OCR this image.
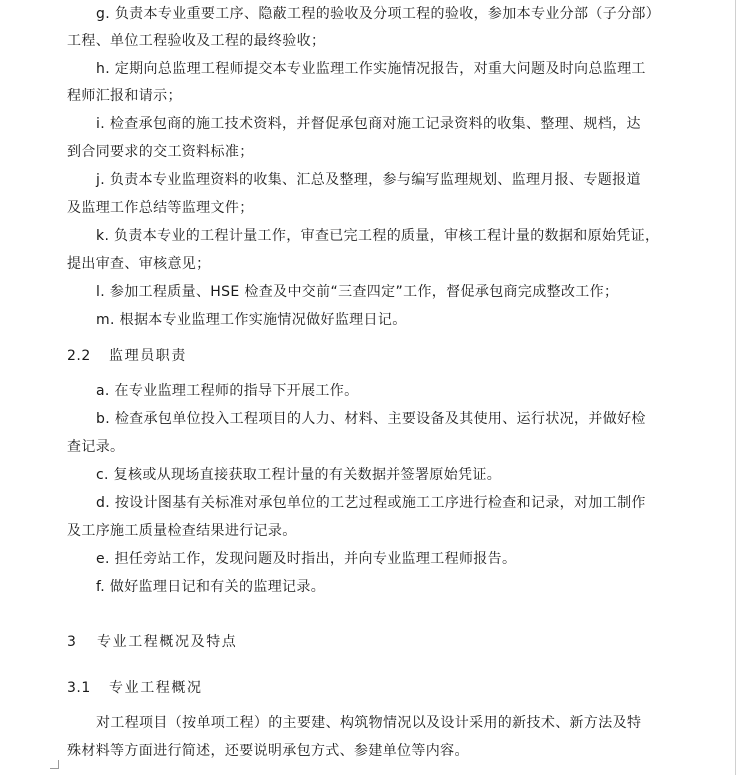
g. 负责本专业重要工序、隐蔽工程的验收及分项工程的验收，参加本专业分部（子分部）
工程、单位工程验收及工程的最终验收；
h. 定期向总监理工程师提交本专业监理工作实施情况报告，对重大问题及时向总监理工
程师汇报和请示；
i. 检查承包商的施工技术资料，并督促承包商对施工记录资料的收集、整理、规档，达
到合同要求的交工资料标准；
j. 负责本专业监理资料的收集、汇总及整理，参与编写监理规划、监理月报、专题报道
及监理工作总结等监理文件；
k. 负责本专业的工程计量工作，审查已完工程的质量，审核工程计量的数据和原始凭证，
提出审查、审核意见；
l. 参加工程质量、HSE 检查及中交前“三查四定”工作，督促承包商完成整改工作；
m. 根据本专业监理工作实施情况做好监理日记。
2.2 监理员职责
a. 在专业监理工程师的指导下开展工作。
b. 检查承包单位投入工程项目的人力、材料、主要设备及其使用、运行状况，并做好检
查记录。
c. 复核或从现场直接获取工程计量的有关数据并签署原始凭证。
d. 按设计图基有关标准对承包单位的工艺过程或施工工序进行检查和记录，对加工制作
及工序施工质量检查结果进行记录。
e. 担任旁站工作，发现问题及时指出，并向专业监理工程师报告。
f. 做好监理日记和有关的监理记录。
3 专业工程概况及特点
3.1 专业工程概况
对工程项目（按单项工程）的主要建、构筑物情况以及设计采用的新技术、新方法及特
殊材料等方面进行简述，还要说明承包方式、参建单位等内容。
